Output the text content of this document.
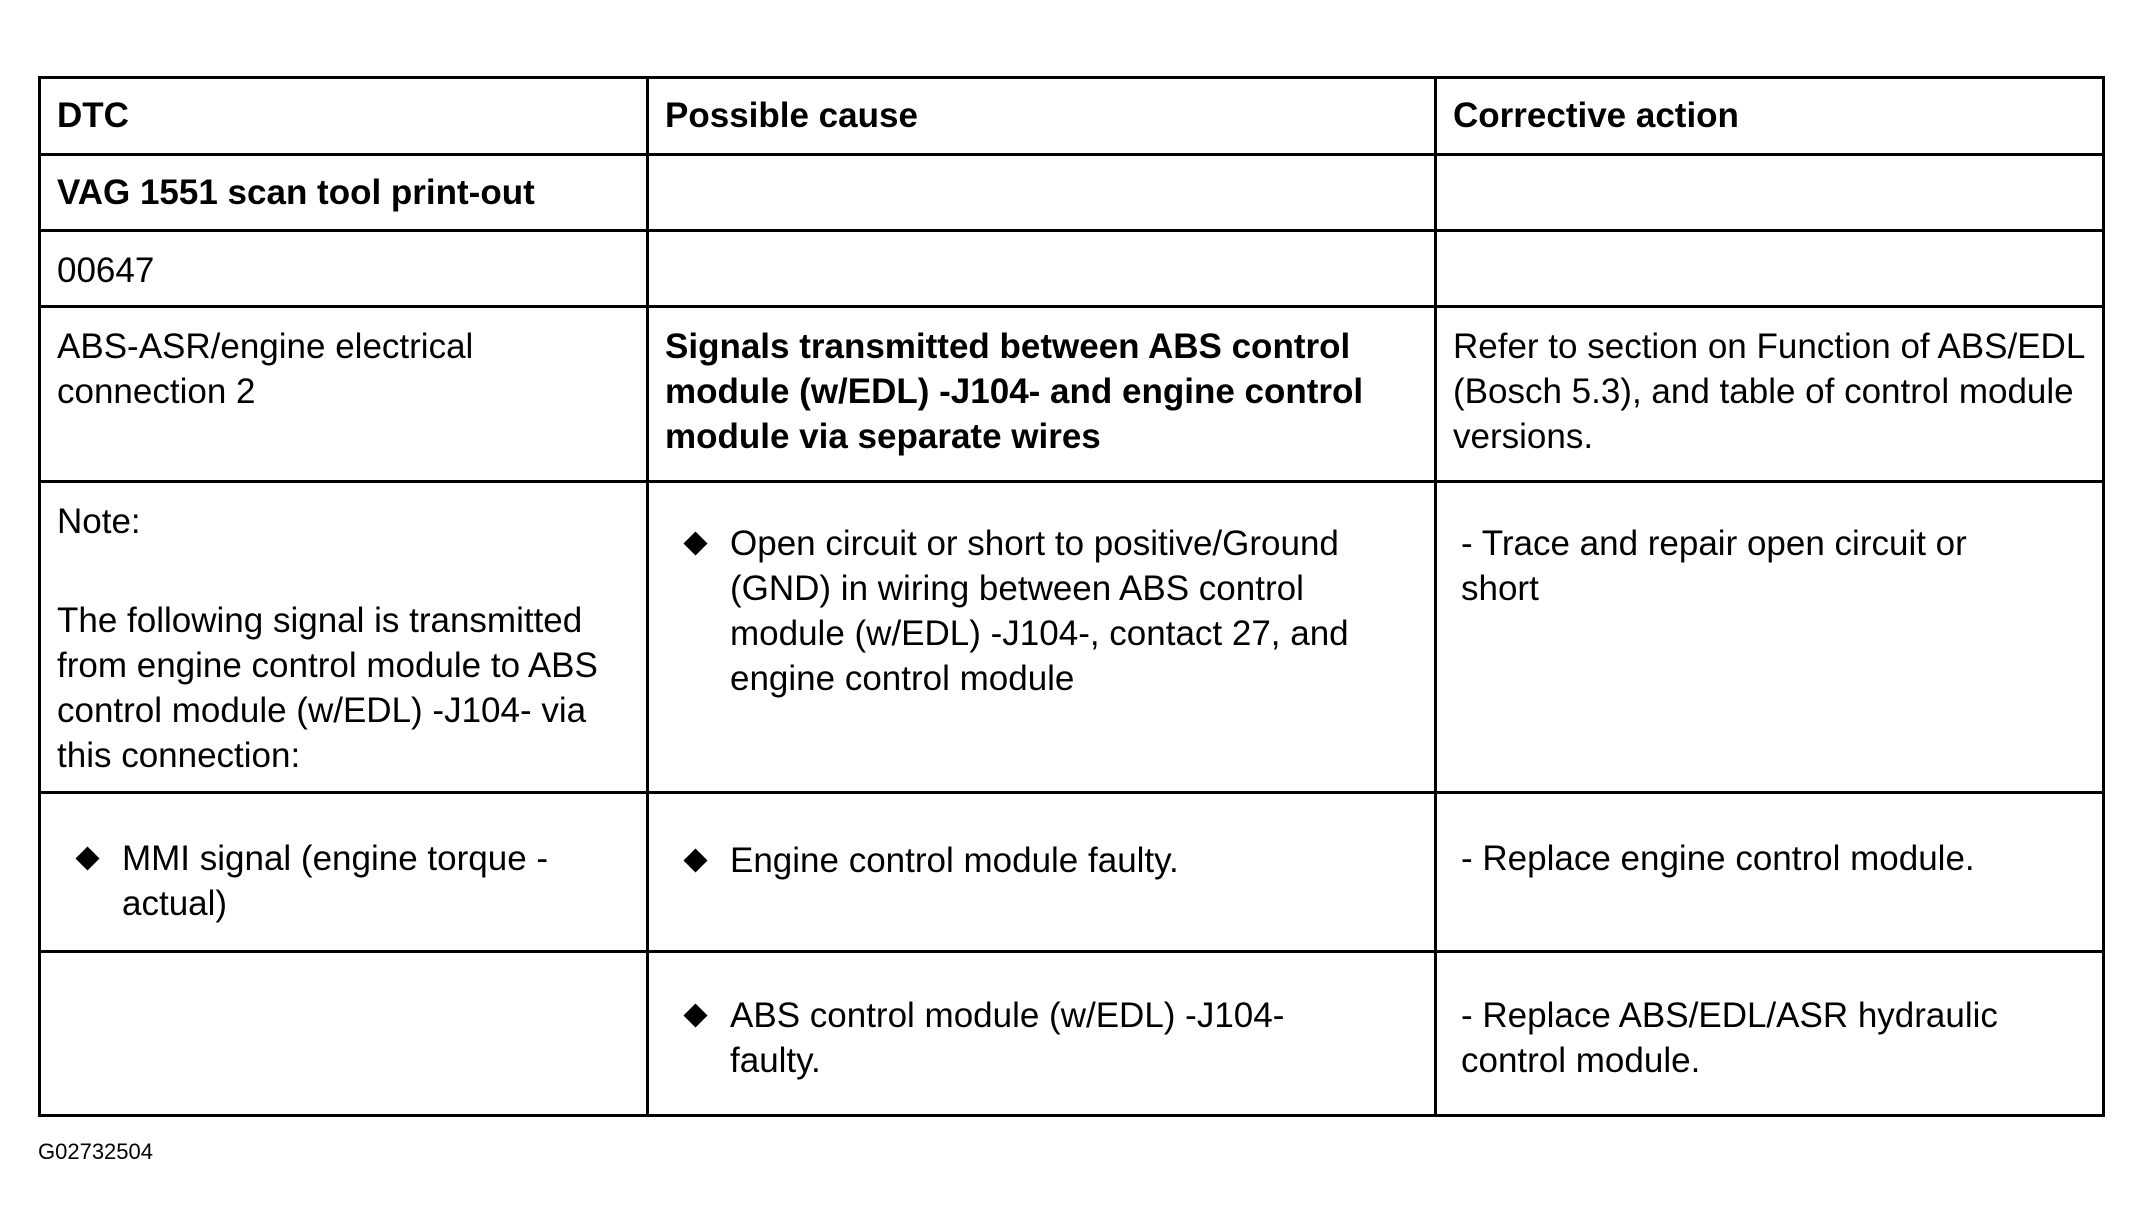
DTC	Possible cause	Corrective action
VAG 1551 scan tool print-out		
00647		
ABS-ASR/engine electrical connection 2	Signals transmitted between ABS control module (w/EDL) -J104- and engine control module via separate wires	Refer to section on Function of ABS/EDL (Bosch 5.3), and table of control module versions.

Note:
The following signal is transmitted from engine control module to ABS control module (w/EDL) -J104- via this connection:	Open circuit or short to positive/Ground (GND) in wiring between ABS control module (w/EDL) -J104-, contact 27, and engine control module	- Trace and repair open circuit or short

MMI signal (engine torque - actual)	Engine control module faulty.	- Replace engine control module.

	ABS control module (w/EDL) -J104- faulty.	- Replace ABS/EDL/ASR hydraulic control module.
G02732504
